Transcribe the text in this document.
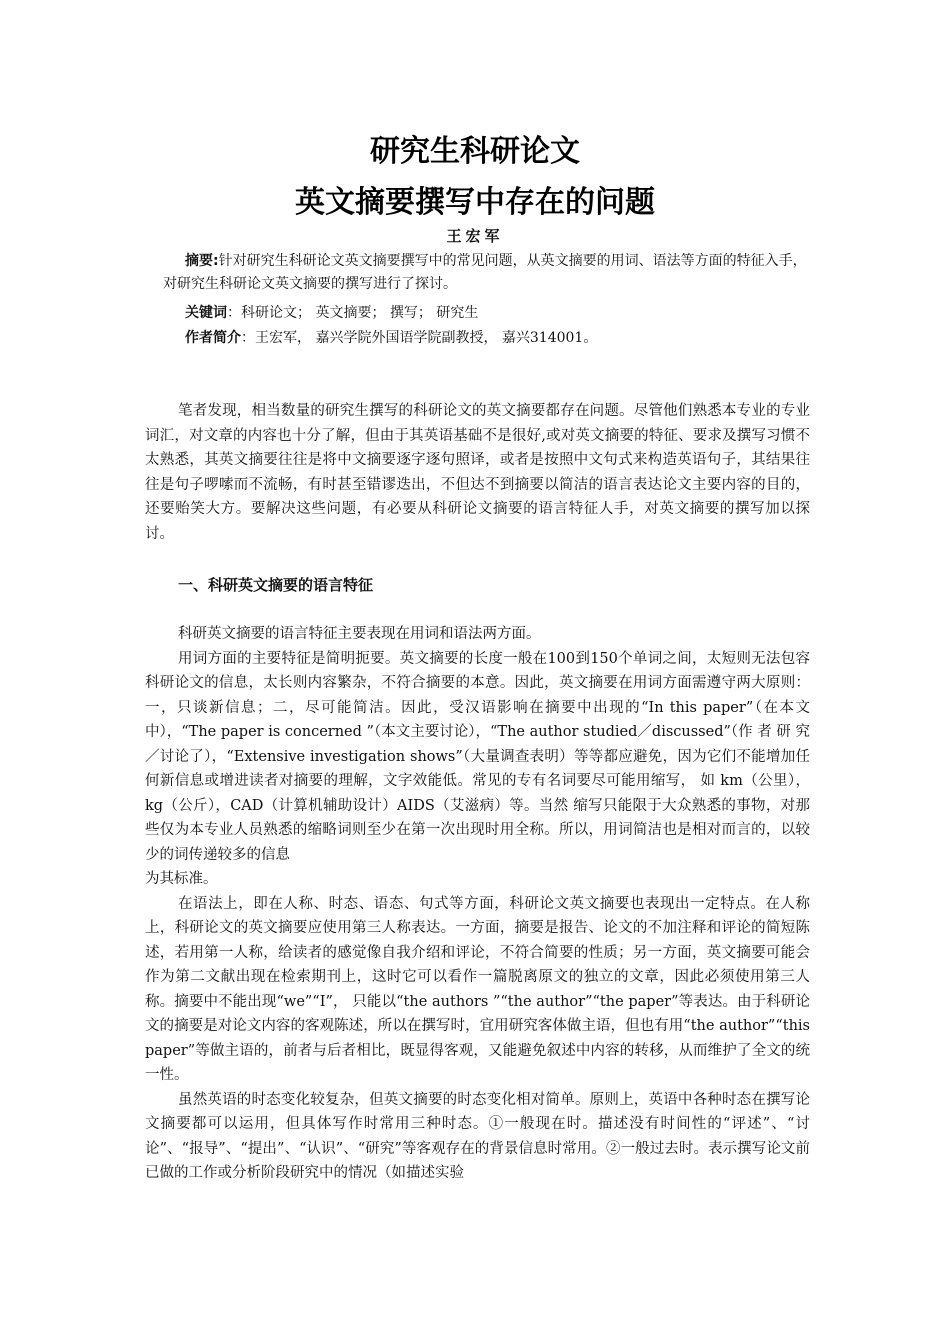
研究生科研论文
英文摘要撰写中存在的问题
王宏军
摘要:针对研究生科研论文英文摘要撰写中的常见问题，从英文摘要的用词、语法等方面的特征入手，对研究生科研论文英文摘要的撰写进行了探讨。
关键词：科研论文； 英文摘要； 撰写； 研究生
作者简介：王宏军， 嘉兴学院外国语学院副教授， 嘉兴314001。

笔者发现，相当数量的研究生撰写的科研论文的英文摘要都存在问题。尽管他们熟悉本专业的专业词汇，对文章的内容也十分了解，但由于其英语基础不是很好,或对英文摘要的特征、要求及撰写习惯不太熟悉，其英文摘要往往是将中文摘要逐字逐句照译，或者是按照中文句式来构造英语句子，其结果往往是句子啰嗦而不流畅，有时甚至错谬迭出，不但达不到摘要以简洁的语言表达论文主要内容的目的，还要贻笑大方。要解决这些问题，有必要从科研论文摘要的语言特征人手，对英文摘要的撰写加以探讨。

一、科研英文摘要的语言特征

科研英文摘要的语言特征主要表现在用词和语法两方面。

用词方面的主要特征是简明扼要。英文摘要的长度一般在100到150个单词之间，太短则无法包容科研论文的信息，太长则内容繁杂，不符合摘要的本意。因此，英文摘要在用词方面需遵守两大原则：一，只谈新信息；二，尽可能简洁。因此，受汉语影响在摘要中出现的“In this paper”（在本文中），“The paper is concerned ”（本文主要讨论），“The author studied／discussed”（作 者 研 究／讨论了），“Extensive investigation shows”（大量调查表明）等等都应避免，因为它们不能增加任何新信息或增进读者对摘要的理解，文字效能低。常见的专有名词要尽可能用缩写， 如 km（公里），kg（公斤），CAD（计算机辅助设计）AIDS（艾滋病）等。当然 缩写只能限于大众熟悉的事物，对那些仅为本专业人员熟悉的缩略词则至少在第一次出现时用全称。所以，用词简洁也是相对而言的，以较少的词传递较多的信息

为其标准。

在语法上，即在人称、时态、语态、句式等方面，科研论文英文摘要也表现出一定特点。在人称上，科研论文的英文摘要应使用第三人称表达。一方面，摘要是报告、论文的不加注释和评论的简短陈述，若用第一人称，给读者的感觉像自我介绍和评论，不符合简要的性质；另一方面，英文摘要可能会作为第二文献出现在检索期刊上，这时它可以看作一篇脱离原文的独立的文章，因此必须使用第三人称。摘要中不能出现“we”“I”， 只能以“the authors ”“the author”“the paper”等表达。由于科研论文的摘要是对论文内容的客观陈述，所以在撰写时，宜用研究客体做主语，但也有用“the author”“this paper”等做主语的，前者与后者相比，既显得客观，又能避免叙述中内容的转移，从而维护了全文的统一性。

虽然英语的时态变化较复杂，但英文摘要的时态变化相对简单。原则上，英语中各种时态在撰写论文摘要都可以运用，但具体写作时常用三种时态。①一般现在时。描述没有时间性的“评述”、“讨论”、“报导”、“提出”、“认识”、“研究”等客观存在的背景信息时常用。②一般过去时。表示撰写论文前已做的工作或分析阶段研究中的情况（如描述实验
